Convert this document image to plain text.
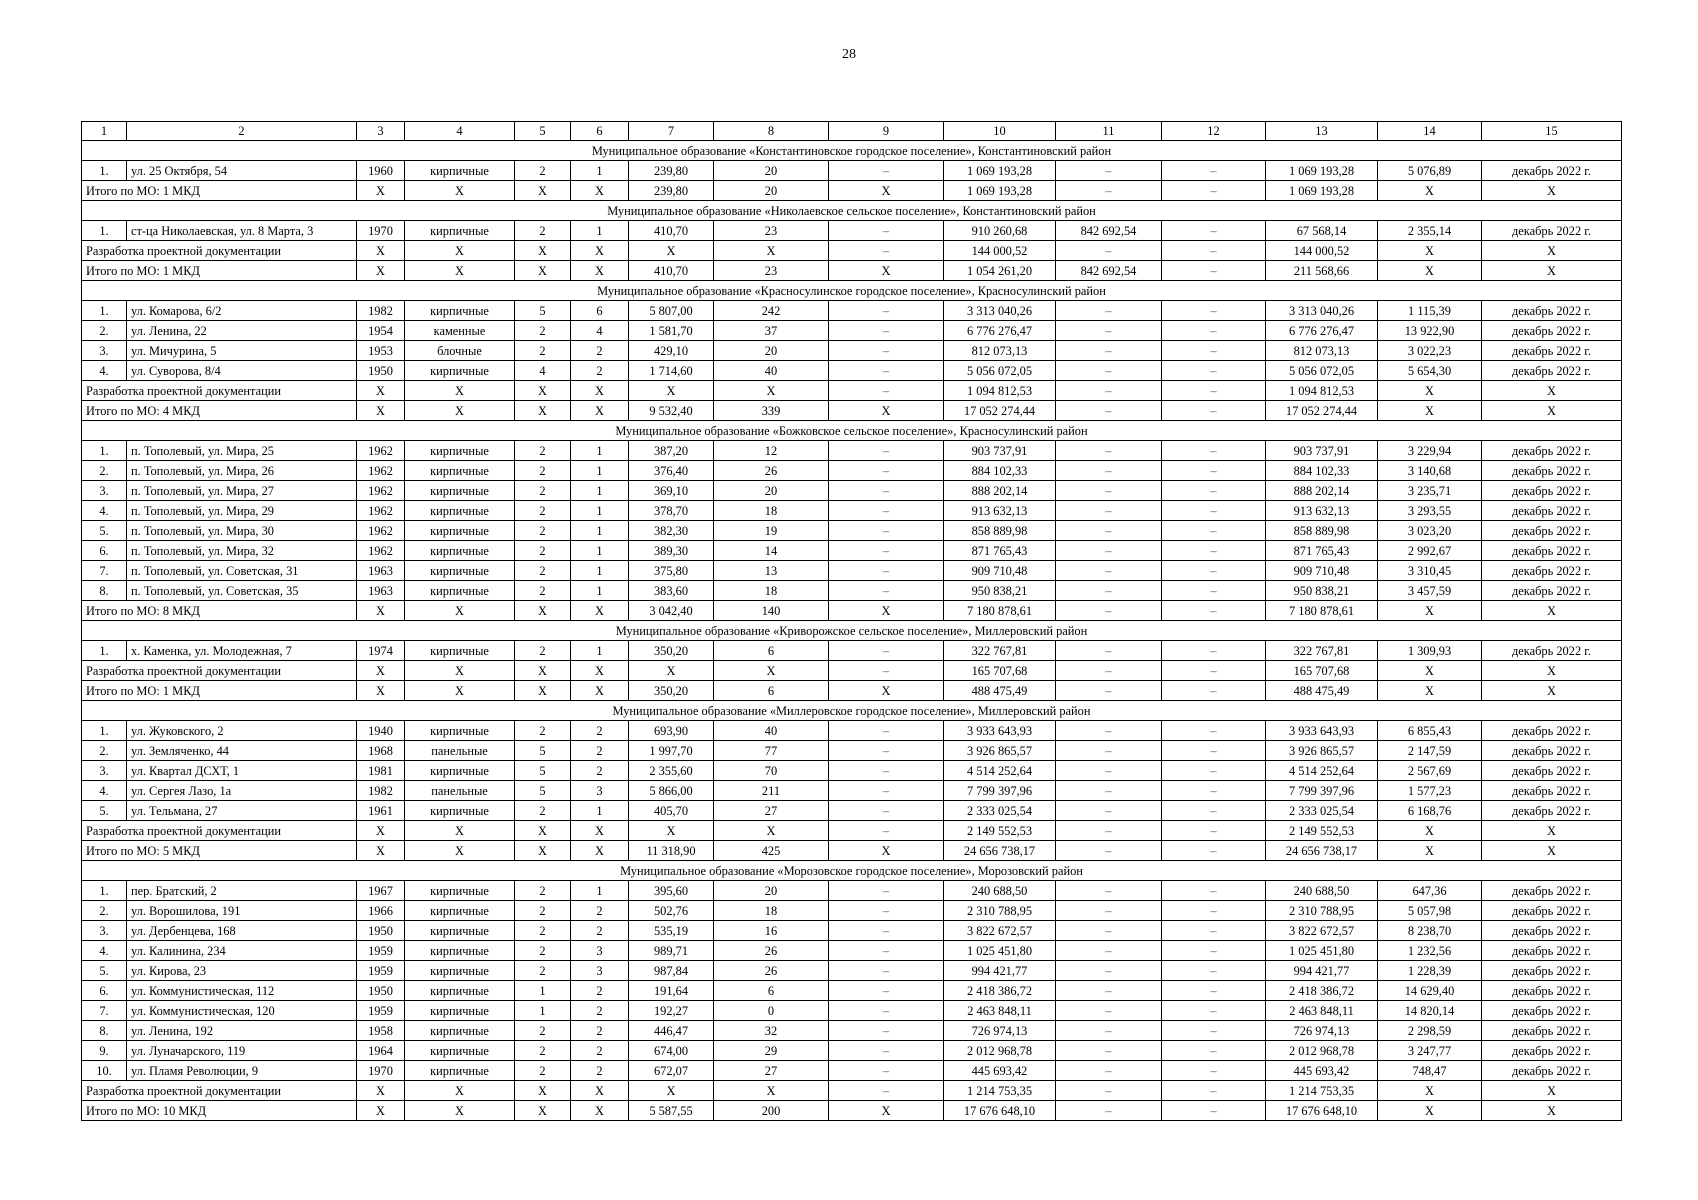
28
1	2	3	4	5	6	7	8	9	10	11	12	13	14	15
Муниципальное образование «Константиновское городское поселение», Константиновский район														
1.	ул. 25 Октября, 54	1960	кирпичные	2	1	239,80	20	–	1 069 193,28	–	–	1 069 193,28	5 076,89	декабрь 2022 г.
Итого по МО: 1 МКД		X	X	X	X	239,80	20	X	1 069 193,28	–	–	1 069 193,28	X	X
Муниципальное образование «Николаевское сельское поселение», Константиновский район														
1.	ст-ца Николаевская, ул. 8 Марта, 3	1970	кирпичные	2	1	410,70	23	–	910 260,68	842 692,54	–	67 568,14	2 355,14	декабрь 2022 г.
Разработка проектной документации		X	X	X	X	X	X	–	144 000,52	–	–	144 000,52	X	X
Итого по МО: 1 МКД		X	X	X	X	410,70	23	X	1 054 261,20	842 692,54	–	211 568,66	X	X
Муниципальное образование «Красносулинское городское поселение», Красносулинский район														
1.	ул. Комарова, 6/2	1982	кирпичные	5	6	5 807,00	242	–	3 313 040,26	–	–	3 313 040,26	1 115,39	декабрь 2022 г.
2.	ул. Ленина, 22	1954	каменные	2	4	1 581,70	37	–	6 776 276,47	–	–	6 776 276,47	13 922,90	декабрь 2022 г.
3.	ул. Мичурина, 5	1953	блочные	2	2	429,10	20	–	812 073,13	–	–	812 073,13	3 022,23	декабрь 2022 г.
4.	ул. Суворова, 8/4	1950	кирпичные	4	2	1 714,60	40	–	5 056 072,05	–	–	5 056 072,05	5 654,30	декабрь 2022 г.
Разработка проектной документации		X	X	X	X	X	X	–	1 094 812,53	–	–	1 094 812,53	X	X
Итого по МО: 4 МКД		X	X	X	X	9 532,40	339	X	17 052 274,44	–	–	17 052 274,44	X	X
Муниципальное образование «Божковское сельское поселение», Красносулинский район														
1.	п. Тополевый, ул. Мира, 25	1962	кирпичные	2	1	387,20	12	–	903 737,91	–	–	903 737,91	3 229,94	декабрь 2022 г.
2.	п. Тополевый, ул. Мира, 26	1962	кирпичные	2	1	376,40	26	–	884 102,33	–	–	884 102,33	3 140,68	декабрь 2022 г.
3.	п. Тополевый, ул. Мира, 27	1962	кирпичные	2	1	369,10	20	–	888 202,14	–	–	888 202,14	3 235,71	декабрь 2022 г.
4.	п. Тополевый, ул. Мира, 29	1962	кирпичные	2	1	378,70	18	–	913 632,13	–	–	913 632,13	3 293,55	декабрь 2022 г.
5.	п. Тополевый, ул. Мира, 30	1962	кирпичные	2	1	382,30	19	–	858 889,98	–	–	858 889,98	3 023,20	декабрь 2022 г.
6.	п. Тополевый, ул. Мира, 32	1962	кирпичные	2	1	389,30	14	–	871 765,43	–	–	871 765,43	2 992,67	декабрь 2022 г.
7.	п. Тополевый, ул. Советская, 31	1963	кирпичные	2	1	375,80	13	–	909 710,48	–	–	909 710,48	3 310,45	декабрь 2022 г.
8.	п. Тополевый, ул. Советская, 35	1963	кирпичные	2	1	383,60	18	–	950 838,21	–	–	950 838,21	3 457,59	декабрь 2022 г.
Итого по МО: 8 МКД		X	X	X	X	3 042,40	140	X	7 180 878,61	–	–	7 180 878,61	X	X
Муниципальное образование «Криворожское сельское поселение», Миллеровский район														
1.	х. Каменка, ул. Молодежная, 7	1974	кирпичные	2	1	350,20	6	–	322 767,81	–	–	322 767,81	1 309,93	декабрь 2022 г.
Разработка проектной документации		X	X	X	X	X	X	–	165 707,68	–	–	165 707,68	X	X
Итого по МО: 1 МКД		X	X	X	X	350,20	6	X	488 475,49	–	–	488 475,49	X	X
Муниципальное образование «Миллеровское городское поселение», Миллеровский район														
1.	ул. Жуковского, 2	1940	кирпичные	2	2	693,90	40	–	3 933 643,93	–	–	3 933 643,93	6 855,43	декабрь 2022 г.
2.	ул. Земляченко, 44	1968	панельные	5	2	1 997,70	77	–	3 926 865,57	–	–	3 926 865,57	2 147,59	декабрь 2022 г.
3.	ул. Квартал ДСХТ, 1	1981	кирпичные	5	2	2 355,60	70	–	4 514 252,64	–	–	4 514 252,64	2 567,69	декабрь 2022 г.
4.	ул. Сергея Лазо, 1а	1982	панельные	5	3	5 866,00	211	–	7 799 397,96	–	–	7 799 397,96	1 577,23	декабрь 2022 г.
5.	ул. Тельмана, 27	1961	кирпичные	2	1	405,70	27	–	2 333 025,54	–	–	2 333 025,54	6 168,76	декабрь 2022 г.
Разработка проектной документации		X	X	X	X	X	X	–	2 149 552,53	–	–	2 149 552,53	X	X
Итого по МО: 5 МКД		X	X	X	X	11 318,90	425	X	24 656 738,17	–	–	24 656 738,17	X	X
Муниципальное образование «Морозовское городское поселение», Морозовский район														
1.	пер. Братский, 2	1967	кирпичные	2	1	395,60	20	–	240 688,50	–	–	240 688,50	647,36	декабрь 2022 г.
2.	ул. Ворошилова, 191	1966	кирпичные	2	2	502,76	18	–	2 310 788,95	–	–	2 310 788,95	5 057,98	декабрь 2022 г.
3.	ул. Дербенцева, 168	1950	кирпичные	2	2	535,19	16	–	3 822 672,57	–	–	3 822 672,57	8 238,70	декабрь 2022 г.
4.	ул. Калинина, 234	1959	кирпичные	2	3	989,71	26	–	1 025 451,80	–	–	1 025 451,80	1 232,56	декабрь 2022 г.
5.	ул. Кирова, 23	1959	кирпичные	2	3	987,84	26	–	994 421,77	–	–	994 421,77	1 228,39	декабрь 2022 г.
6.	ул. Коммунистическая, 112	1950	кирпичные	1	2	191,64	6	–	2 418 386,72	–	–	2 418 386,72	14 629,40	декабрь 2022 г.
7.	ул. Коммунистическая, 120	1959	кирпичные	1	2	192,27	0	–	2 463 848,11	–	–	2 463 848,11	14 820,14	декабрь 2022 г.
8.	ул. Ленина, 192	1958	кирпичные	2	2	446,47	32	–	726 974,13	–	–	726 974,13	2 298,59	декабрь 2022 г.
9.	ул. Луначарского, 119	1964	кирпичные	2	2	674,00	29	–	2 012 968,78	–	–	2 012 968,78	3 247,77	декабрь 2022 г.
10.	ул. Пламя Революции, 9	1970	кирпичные	2	2	672,07	27	–	445 693,42	–	–	445 693,42	748,47	декабрь 2022 г.
Разработка проектной документации		X	X	X	X	X	X	–	1 214 753,35	–	–	1 214 753,35	X	X
Итого по МО: 10 МКД		X	X	X	X	5 587,55	200	X	17 676 648,10	–	–	17 676 648,10	X	X
